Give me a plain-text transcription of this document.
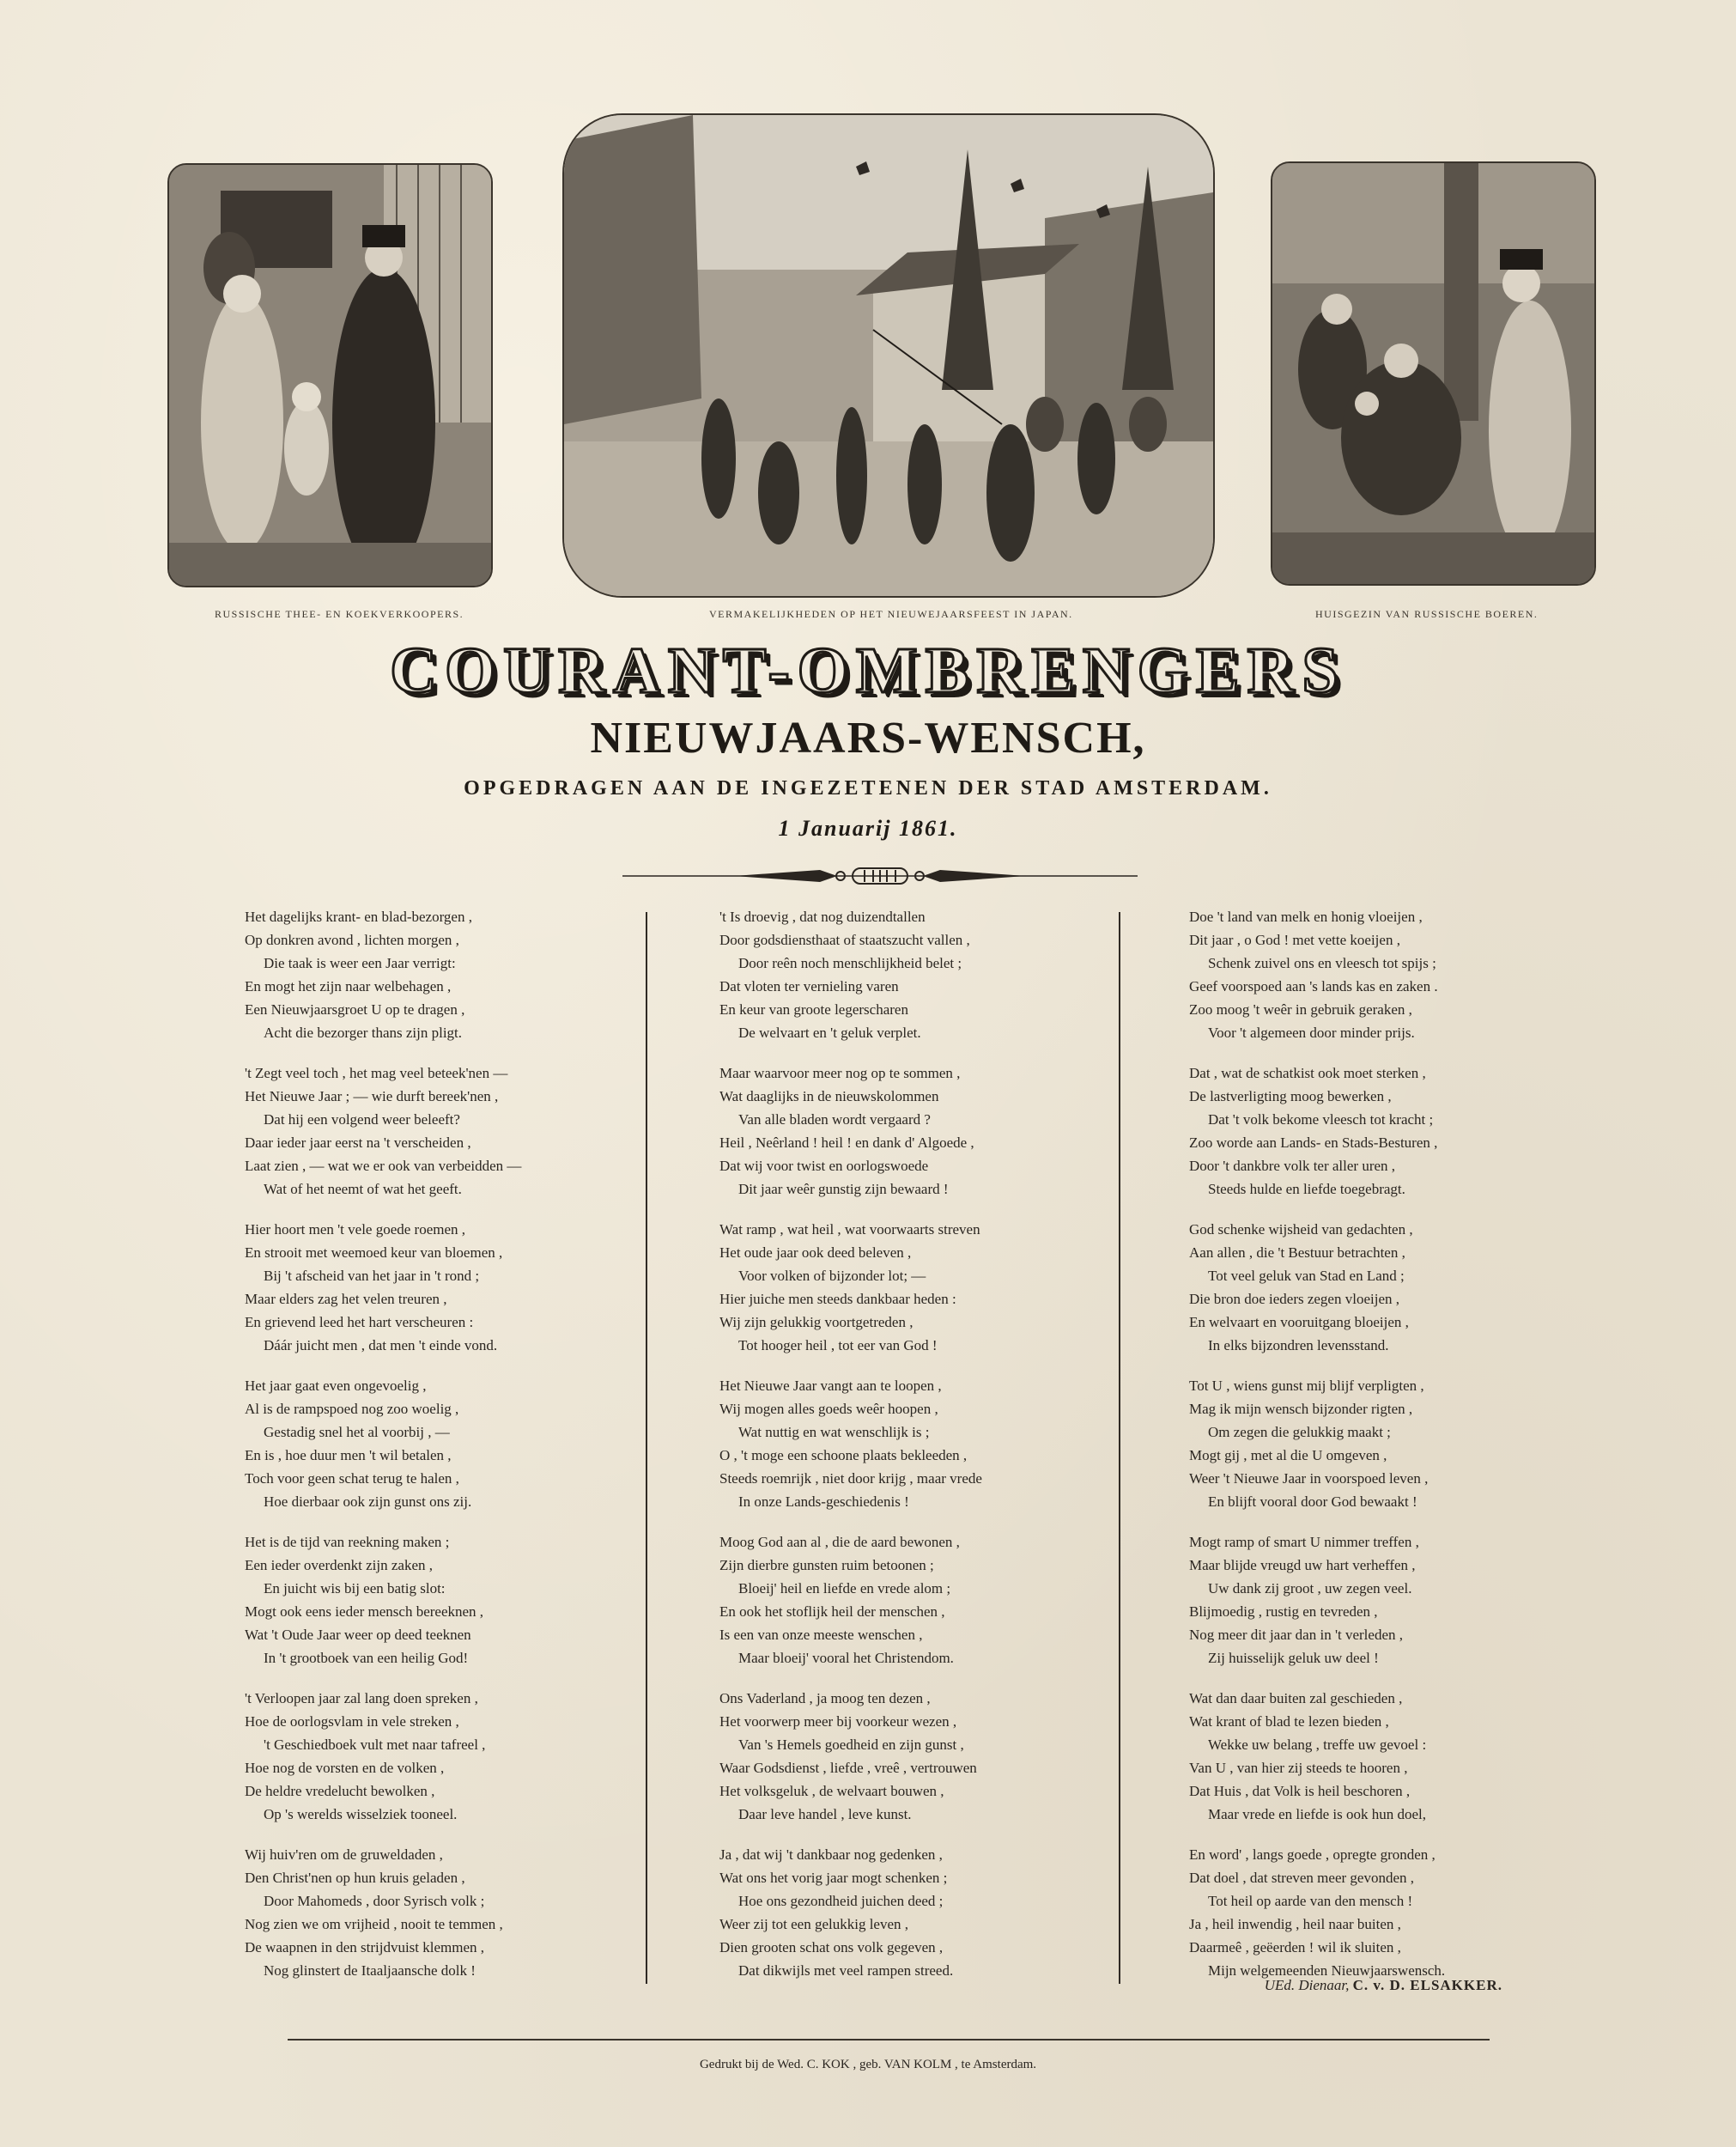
RUSSISCHE THEE- EN KOEKVERKOOPERS.	VERMAKELIJKHEDEN OP HET NIEUWEJAARSFEEST IN JAPAN.	HUISGEZIN VAN RUSSISCHE BOEREN.
COURANT-OMBRENGERS
NIEUWJAARS-WENSCH,
OPGEDRAGEN AAN DE INGEZETENEN DER STAD AMSTERDAM.
1 Januarij 1861.
Het dagelijks krant- en blad-bezorgen ,
Op donkren avond , lichten morgen ,
Die taak is weer een Jaar verrigt:
En mogt het zijn naar welbehagen ,
Een Nieuwjaarsgroet U op te dragen ,
Acht die bezorger thans zijn pligt.
't Zegt veel toch , het mag veel beteek'nen —
Het Nieuwe Jaar ; — wie durft bereek'nen ,
Dat hij een volgend weer beleeft?
Daar ieder jaar eerst na 't verscheiden ,
Laat zien , — wat we er ook van verbeidden —
Wat of het neemt of wat het geeft.
Hier hoort men 't vele goede roemen ,
En strooit met weemoed keur van bloemen ,
Bij 't afscheid van het jaar in 't rond ;
Maar elders zag het velen treuren ,
En grievend leed het hart verscheuren :
Dáár juicht men , dat men 't einde vond.
Het jaar gaat even ongevoelig ,
Al is de rampspoed nog zoo woelig ,
Gestadig snel het al voorbij , —
En is , hoe duur men 't wil betalen ,
Toch voor geen schat terug te halen ,
Hoe dierbaar ook zijn gunst ons zij.
Het is de tijd van reekning maken ;
Een ieder overdenkt zijn zaken ,
En juicht wis bij een batig slot:
Mogt ook eens ieder mensch bereeknen ,
Wat 't Oude Jaar weer op deed teeknen
In 't grootboek van een heilig God!
't Verloopen jaar zal lang doen spreken ,
Hoe de oorlogsvlam in vele streken ,
't Geschiedboek vult met naar tafreel ,
Hoe nog de vorsten en de volken ,
De heldre vredelucht bewolken ,
Op 's werelds wisselziek tooneel.
Wij huiv'ren om de gruweldaden ,
Den Christ'nen op hun kruis geladen ,
Door Mahomeds , door Syrisch volk ;
Nog zien we om vrijheid , nooit te temmen ,
De waapnen in den strijdvuist klemmen ,
Nog glinstert de Itaaljaansche dolk !
't Is droevig , dat nog duizendtallen
Door godsdiensthaat of staatszucht vallen ,
Door reên noch menschlijkheid belet ;
Dat vloten ter vernieling varen
En keur van groote legerscharen
De welvaart en 't geluk verplet.
Maar waarvoor meer nog op te sommen ,
Wat daaglijks in de nieuwskolommen
Van alle bladen wordt vergaard ?
Heil , Neêrland ! heil ! en dank d' Algoede ,
Dat wij voor twist en oorlogswoede
Dit jaar weêr gunstig zijn bewaard !
Wat ramp , wat heil , wat voorwaarts streven
Het oude jaar ook deed beleven ,
Voor volken of bijzonder lot; —
Hier juiche men steeds dankbaar heden :
Wij zijn gelukkig voortgetreden ,
Tot hooger heil , tot eer van God !
Het Nieuwe Jaar vangt aan te loopen ,
Wij mogen alles goeds weêr hoopen ,
Wat nuttig en wat wenschlijk is ;
O , 't moge een schoone plaats bekleeden ,
Steeds roemrijk , niet door krijg , maar vrede
In onze Lands-geschiedenis !
Moog God aan al , die de aard bewonen ,
Zijn dierbre gunsten ruim betoonen ;
Bloeij' heil en liefde en vrede alom ;
En ook het stoflijk heil der menschen ,
Is een van onze meeste wenschen ,
Maar bloeij' vooral het Christendom.
Ons Vaderland , ja moog ten dezen ,
Het voorwerp meer bij voorkeur wezen ,
Van 's Hemels goedheid en zijn gunst ,
Waar Godsdienst , liefde , vreê , vertrouwen
Het volksgeluk , de welvaart bouwen ,
Daar leve handel , leve kunst.
Ja , dat wij 't dankbaar nog gedenken ,
Wat ons het vorig jaar mogt schenken ;
Hoe ons gezondheid juichen deed ;
Weer zij tot een gelukkig leven ,
Dien grooten schat ons volk gegeven ,
Dat dikwijls met veel rampen streed.
Doe 't land van melk en honig vloeijen ,
Dit jaar , o God ! met vette koeijen ,
Schenk zuivel ons en vleesch tot spijs ;
Geef voorspoed aan 's lands kas en zaken .
Zoo moog 't weêr in gebruik geraken ,
Voor 't algemeen door minder prijs.
Dat , wat de schatkist ook moet sterken ,
De lastverligting moog bewerken ,
Dat 't volk bekome vleesch tot kracht ;
Zoo worde aan Lands- en Stads-Besturen ,
Door 't dankbre volk ter aller uren ,
Steeds hulde en liefde toegebragt.
God schenke wijsheid van gedachten ,
Aan allen , die 't Bestuur betrachten ,
Tot veel geluk van Stad en Land ;
Die bron doe ieders zegen vloeijen ,
En welvaart en vooruitgang bloeijen ,
In elks bijzondren levensstand.
Tot U , wiens gunst mij blijf verpligten ,
Mag ik mijn wensch bijzonder rigten ,
Om zegen die gelukkig maakt ;
Mogt gij , met al die U omgeven ,
Weer 't Nieuwe Jaar in voorspoed leven ,
En blijft vooral door God bewaakt !
Mogt ramp of smart U nimmer treffen ,
Maar blijde vreugd uw hart verheffen ,
Uw dank zij groot , uw zegen veel.
Blijmoedig , rustig en tevreden ,
Nog meer dit jaar dan in 't verleden ,
Zij huisselijk geluk uw deel !
Wat dan daar buiten zal geschieden ,
Wat krant of blad te lezen bieden ,
Wekke uw belang , treffe uw gevoel :
Van U , van hier zij steeds te hooren ,
Dat Huis , dat Volk is heil beschoren ,
Maar vrede en liefde is ook hun doel,
En word' , langs goede , opregte gronden ,
Dat doel , dat streven meer gevonden ,
Tot heil op aarde van den mensch !
Ja , heil inwendig , heil naar buiten ,
Daarmeê , geëerden ! wil ik sluiten ,
Mijn welgemeenden Nieuwjaarswensch.
UEd. Dienaar, C. v. D. ELSAKKER.
Gedrukt bij de Wed. C. KOK , geb. VAN KOLM , te Amsterdam.
